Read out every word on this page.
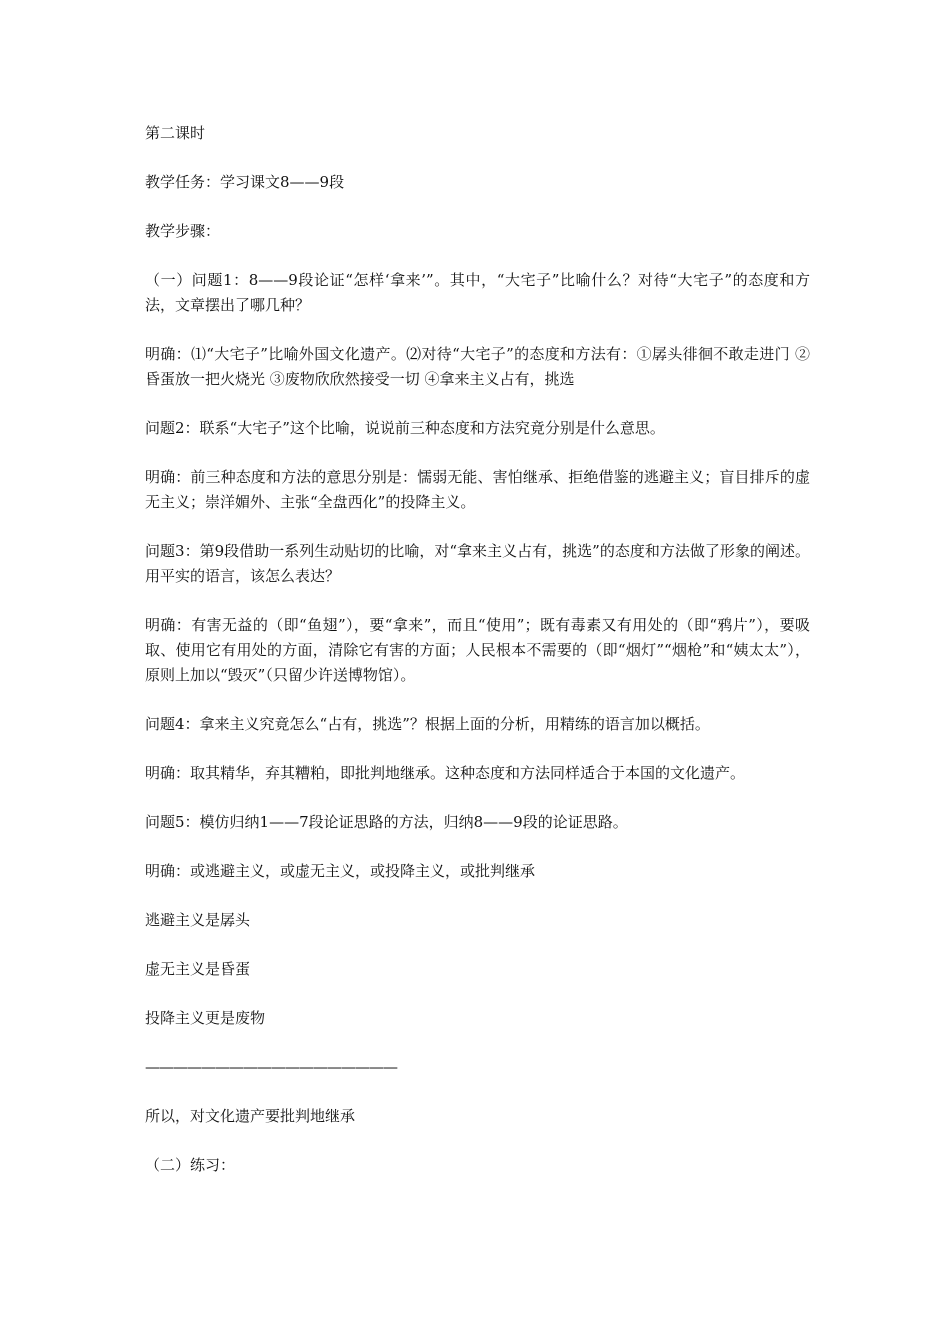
第二课时

教学任务：学习课文8——9段

教学步骤：

（一）问题1：8——9段论证“怎样‘拿来’”。其中，“大宅子”比喻什么？对待“大宅子”的态度和方法，文章摆出了哪几种？

明确：⑴“大宅子”比喻外国文化遗产。⑵对待“大宅子”的态度和方法有：①孱头徘徊不敢走进门 ②昏蛋放一把火烧光 ③废物欣欣然接受一切 ④拿来主义占有，挑选

问题2：联系“大宅子”这个比喻，说说前三种态度和方法究竟分别是什么意思。

明确：前三种态度和方法的意思分别是：懦弱无能、害怕继承、拒绝借鉴的逃避主义；盲目排斥的虚无主义；崇洋媚外、主张“全盘西化”的投降主义。

问题3：第9段借助一系列生动贴切的比喻，对“拿来主义占有，挑选”的态度和方法做了形象的阐述。用平实的语言，该怎么表达？

明确：有害无益的（即“鱼翅”），要“拿来”，而且“使用”；既有毒素又有用处的（即“鸦片”），要吸取、使用它有用处的方面，清除它有害的方面；人民根本不需要的（即“烟灯”“烟枪”和“姨太太”），原则上加以“毁灭”（只留少许送博物馆）。

问题4：拿来主义究竟怎么“占有，挑选”？根据上面的分析，用精练的语言加以概括。

明确：取其精华，弃其糟粕，即批判地继承。这种态度和方法同样适合于本国的文化遗产。

问题5：模仿归纳1——7段论证思路的方法，归纳8——9段的论证思路。

明确：或逃避主义，或虚无主义，或投降主义，或批判继承

逃避主义是孱头

虚无主义是昏蛋

投降主义更是废物

——————————————————

所以，对文化遗产要批判地继承

（二）练习：
